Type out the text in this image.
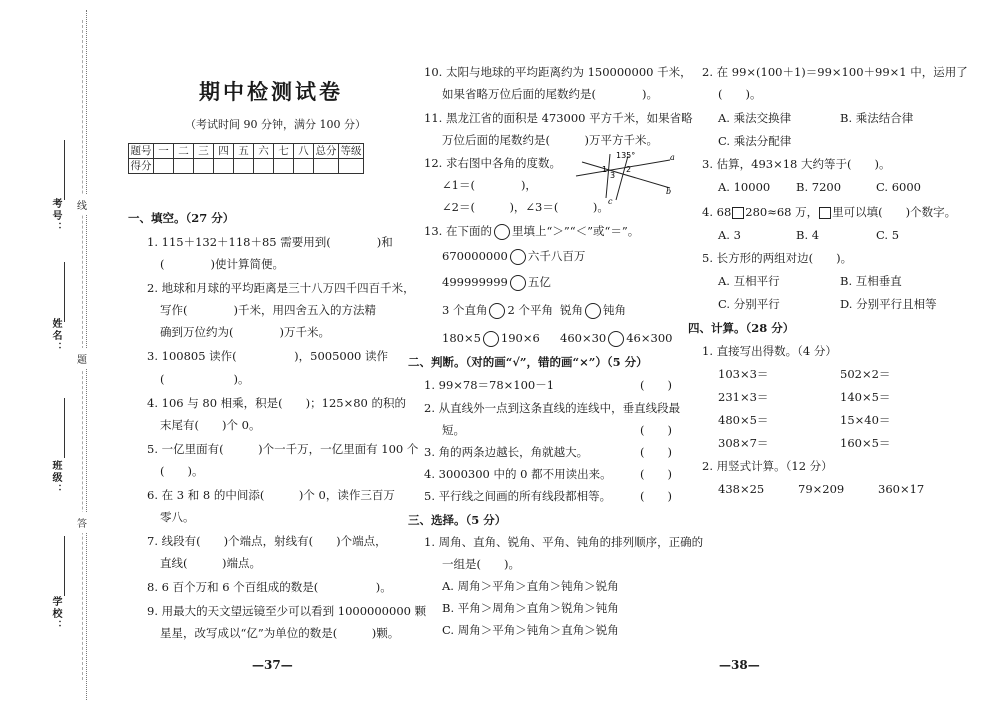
考号：
姓名：
班级：
学校：
线
题
答
期中检测试卷
（考试时间 90 分钟，满分 100 分）
题号	一	二	三	四	五	六	七	八	总分	等级
得分										
一、填空。（27 分）
1. 115＋132＋118＋85 需要用到(　　　　)和
(　　　　)使计算简便。
2. 地球和月球的平均距离是三十八万四千四百千米，
写作(　　　　)千米，用四舍五入的方法精
确到万位约为(　　　　)万千米。
3. 100805 读作(　　　　　)，5005000 读作
(　　　　　　)。
4. 106 与 80 相乘，积是(　　)；125×80 的积的
末尾有(　　)个 0。
5. 一亿里面有(　　　)个一千万，一亿里面有 100 个
(　　)。
6. 在 3 和 8 的中间添(　　　)个 0，读作三百万
零八。
7. 线段有(　　)个端点，射线有(　　)个端点，
直线(　　　)端点。
8. 6 百个万和 6 个百组成的数是(　　　　　)。
9. 用最大的天文望远镜至少可以看到 1000000000 颗
星星，改写成以“亿”为单位的数是(　　　)颗。
—37—
10. 太阳与地球的平均距离约为 150000000 千米，
如果省略万位后面的尾数约是(　　　　)。
11. 黑龙江省的面积是 473000 平方千米，如果省略
万位后面的尾数约是(　　　)万平方千米。
12. 求右图中各角的度数。
∠1＝(　　　　)，
∠2＝(　　　)，∠3＝(　　　)。
135°	a
b
c
1 2
3
13. 在下面的 里填上“＞”“＜”或“＝”。
670000000 六千八百万
499999999 五亿
3 个直角 2 个平角 锐角 钝角
180×5 190×6 460×30 46×300
二、判断。（对的画“√”，错的画“×”）（5 分）
1. 99×78＝78×100－1	(　　)
2. 从直线外一点到这条直线的连线中，垂直线段最
短。	(　　)
3. 角的两条边越长，角就越大。	(　　)
4. 3000300 中的 0 都不用读出来。 (　　)
5. 平行线之间画的所有线段都相等。	(　　)
三、选择。（5 分）
1. 周角、直角、锐角、平角、钝角的排列顺序，正确的
一组是(　　)。
A. 周角＞平角＞直角＞钝角＞锐角
B. 平角＞周角＞直角＞锐角＞钝角
C. 周角＞平角＞钝角＞直角＞锐角
2. 在 99×(100＋1)＝99×100＋99×1 中，运用了
(　　)。
A. 乘法交换律	B. 乘法结合律
C. 乘法分配律
3. 估算，493×18 大约等于(　　)。
A. 10000 B. 7200	C. 6000
4. 68 280≈68 万， 里可以填(　　)个数字。
A. 3	B. 4	C. 5
5. 长方形的两组对边(　　)。
A. 互相平行	B. 互相垂直
C. 分别平行	D. 分别平行且相等
四、计算。（28 分）
1. 直接写出得数。（4 分）
103×3＝	502×2＝
231×3＝	140×5＝
480×5＝	15×40＝
308×7＝	160×5＝
2. 用竖式计算。（12 分）
438×25	79×209	360×17
—38—
